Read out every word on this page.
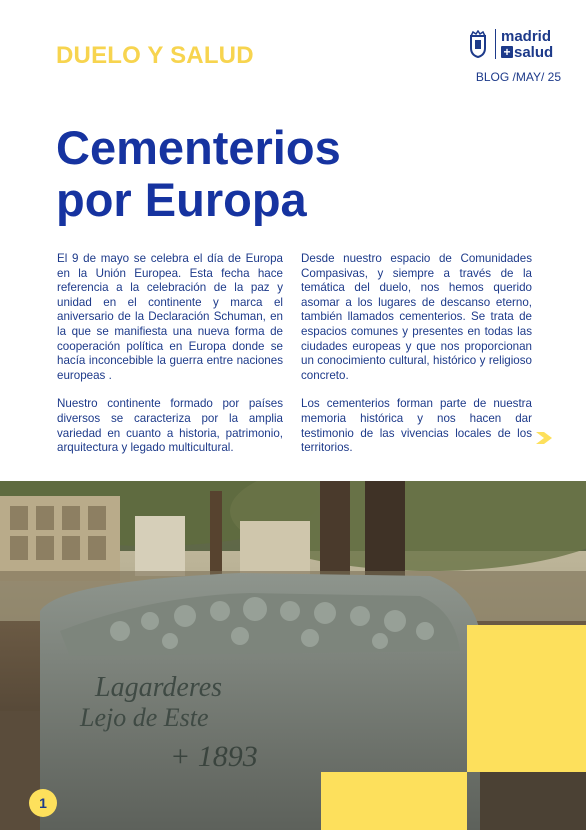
DUELO Y SALUD
madrid
+ salud
BLOG /MAY/ 25
Cementerios
por Europa

El 9 de mayo se celebra el día de Europa en la Unión Europea. Esta fecha hace referencia a la celebración de la paz y unidad en el continente y marca el aniversario de la Declaración Schuman, en la que se manifiesta una nueva forma de cooperación política en Europa donde se hacía inconcebible la guerra entre naciones europeas .

Nuestro continente formado por países diversos se caracteriza por la amplia variedad en cuanto a historia, patrimonio, arquitectura y legado multicultural.

Desde nuestro espacio de Comunidades Compasivas, y siempre a través de la temática del duelo, nos hemos querido asomar a los lugares de descanso eterno, también llamados cementerios. Se trata de espacios comunes y presentes en todas las ciudades europeas y que nos proporcionan un conocimiento cultural, histórico y religioso concreto.

Los cementerios forman parte de nuestra memoria histórica y nos hacen dar testimonio de las vivencias locales de los territorios.

Lagarderes
Lejo de Este
+ 1893
1
